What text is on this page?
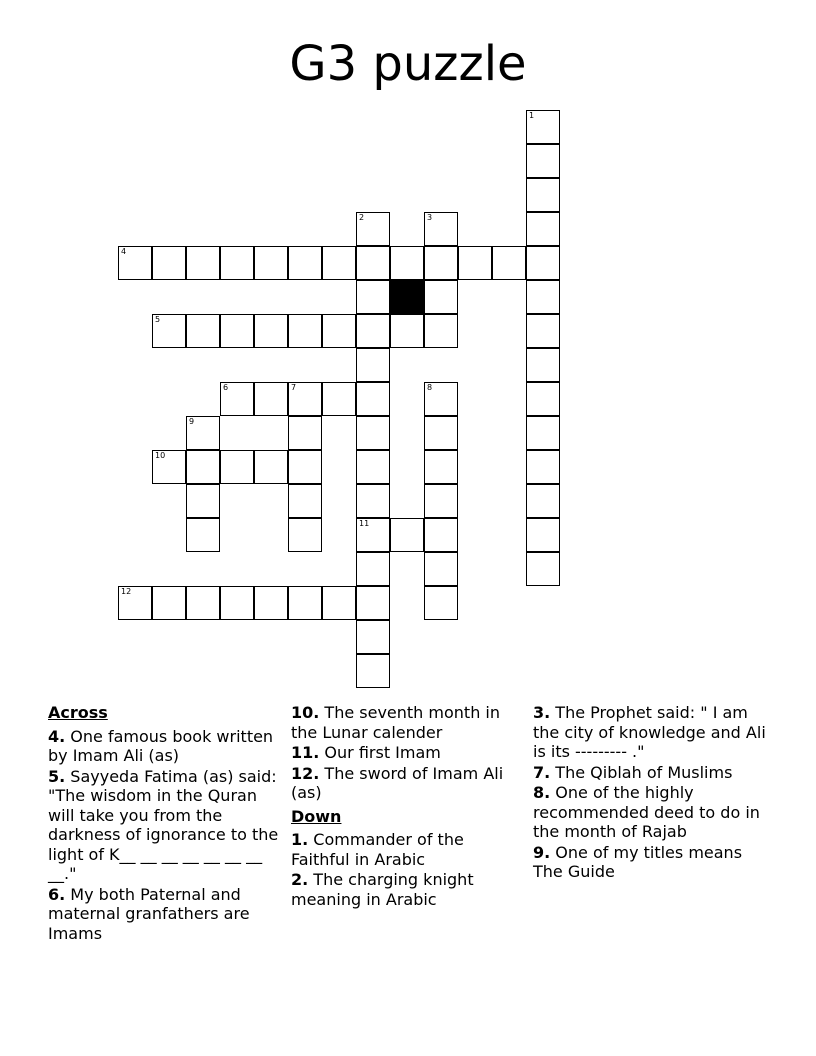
G3 puzzle
1
2	3
4
5
6	7	8
9
10
11
12
Across
4. One famous book written by Imam Ali (as)
5. Sayyeda Fatima (as) said: "The wisdom in the Quran will take you from the darkness of ignorance to the light of K__ __ __ __ __ __ __ __."
6. My both Paternal and maternal granfathers are Imams
10. The seventh month in the Lunar calender
11. Our first Imam
12. The sword of Imam Ali (as)
Down
1. Commander of the Faithful in Arabic
2. The charging knight meaning in Arabic
3. The Prophet said: " I am the city of knowledge and Ali is its --------- ."
7. The Qiblah of Muslims
8. One of the highly recommended deed to do in the month of Rajab
9. One of my titles means The Guide
